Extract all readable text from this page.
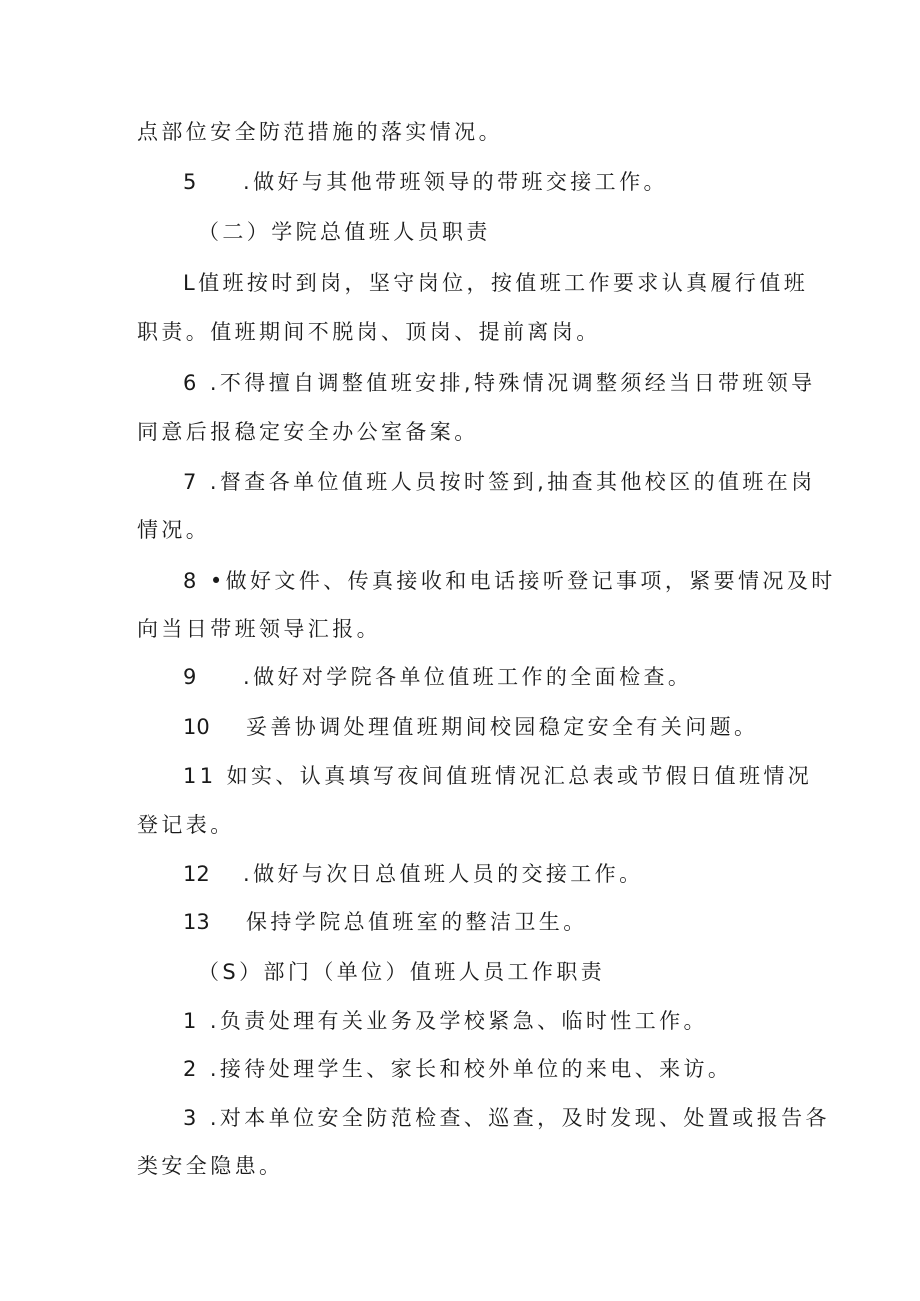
点部位安全防范措施的落实情况。
5 .做好与其他带班领导的带班交接工作。
（二）学院总值班人员职责
L值班按时到岗，坚守岗位，按值班工作要求认真履行值班
职责。值班期间不脱岗、顶岗、提前离岗。
6 .不得擅自调整值班安排,特殊情况调整须经当日带班领导
同意后报稳定安全办公室备案。
7 .督查各单位值班人员按时签到,抽查其他校区的值班在岗
情况。
8 •做好文件、传真接收和电话接听登记事项，紧要情况及时
向当日带班领导汇报。
9 .做好对学院各单位值班工作的全面检查。
10 妥善协调处理值班期间校园稳定安全有关问题。
11 如实、认真填写夜间值班情况汇总表或节假日值班情况
登记表。
12 .做好与次日总值班人员的交接工作。
13 保持学院总值班室的整洁卫生。
（S）部门（单位）值班人员工作职责
1 .负责处理有关业务及学校紧急、临时性工作。
2 .接待处理学生、家长和校外单位的来电、来访。
3 .对本单位安全防范检查、巡查，及时发现、处置或报告各
类安全隐患。
